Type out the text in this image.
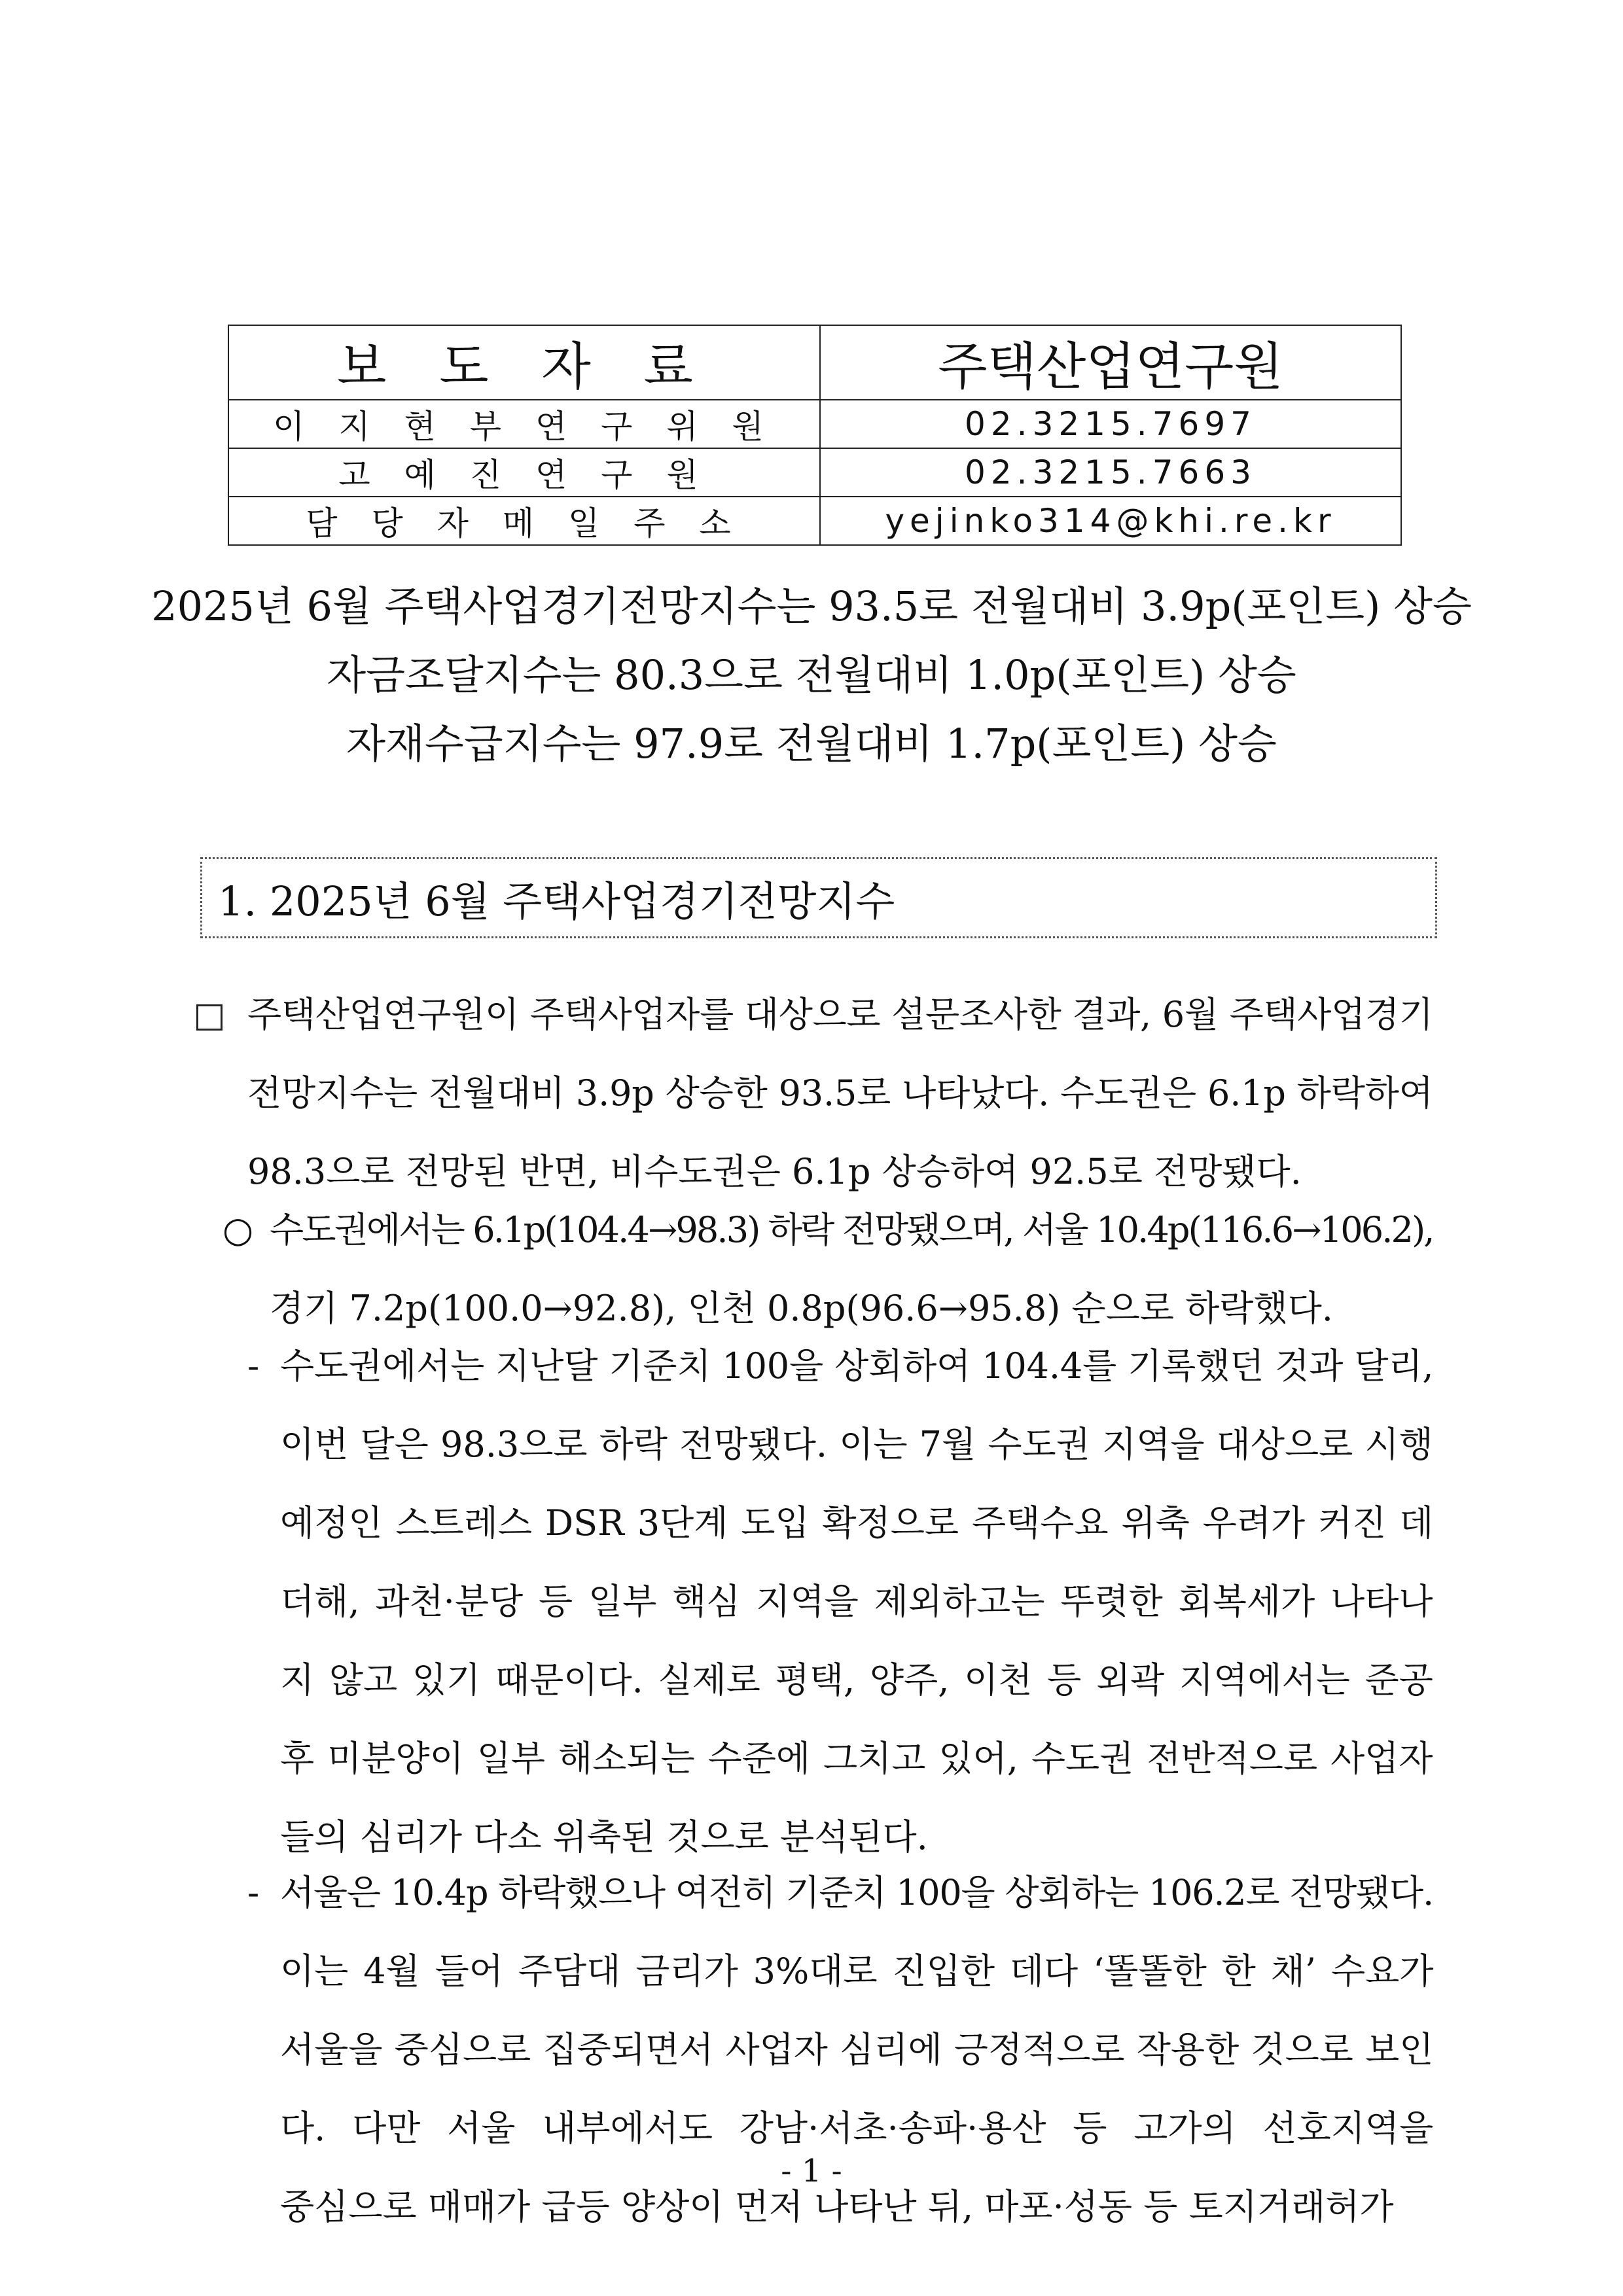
보 도 자 료	주택산업연구원
이 지 현 부 연 구 위 원	02.3215.7697
고 예 진 연 구 원	02.3215.7663
담 당 자 메 일 주 소	yejinko314@khi.re.kr
2025년 6월 주택사업경기전망지수는 93.5로 전월대비 3.9p(포인트) 상승
자금조달지수는 80.3으로 전월대비 1.0p(포인트) 상승
자재수급지수는 97.9로 전월대비 1.7p(포인트) 상승
1. 2025년 6월 주택사업경기전망지수
주택산업연구원이 주택사업자를 대상으로 설문조사한 결과, 6월 주택사업경기
전망지수는 전월대비 3.9p 상승한 93.5로 나타났다. 수도권은 6.1p 하락하여
98.3으로 전망된 반면, 비수도권은 6.1p 상승하여 92.5로 전망됐다.
○ 수도권에서는 6.1p(104.4→98.3) 하락 전망됐으며, 서울 10.4p(116.6→106.2),
경기 7.2p(100.0→92.8), 인천 0.8p(96.6→95.8) 순으로 하락했다.
- 수도권에서는 지난달 기준치 100을 상회하여 104.4를 기록했던 것과 달리,
이번 달은 98.3으로 하락 전망됐다. 이는 7월 수도권 지역을 대상으로 시행
예정인 스트레스 DSR 3단계 도입 확정으로 주택수요 위축 우려가 커진 데
더해, 과천·분당 등 일부 핵심 지역을 제외하고는 뚜렷한 회복세가 나타나
지 않고 있기 때문이다. 실제로 평택, 양주, 이천 등 외곽 지역에서는 준공
후 미분양이 일부 해소되는 수준에 그치고 있어, 수도권 전반적으로 사업자
들의 심리가 다소 위축된 것으로 분석된다.
- 서울은 10.4p 하락했으나 여전히 기준치 100을 상회하는 106.2로 전망됐다.
이는 4월 들어 주담대 금리가 3%대로 진입한 데다 ‘똘똘한 한 채’ 수요가
서울을 중심으로 집중되면서 사업자 심리에 긍정적으로 작용한 것으로 보인
다. 다만 서울 내부에서도 강남·서초·송파·용산 등 고가의 선호지역을
중심으로 매매가 급등 양상이 먼저 나타난 뒤, 마포·성동 등 토지거래허가
- 1 -
